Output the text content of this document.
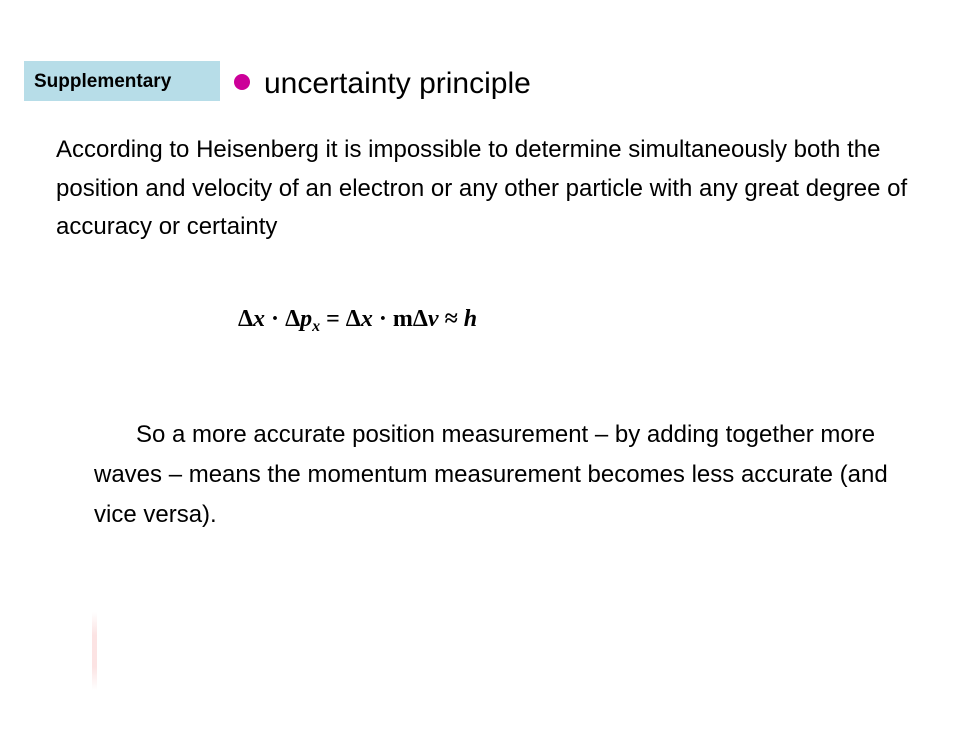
Supplementary	uncertainty principle

According to Heisenberg it is impossible to determine simultaneously both the position and velocity of an electron or any other particle with any great degree of accuracy or certainty

$\Delta x \cdot \Delta p_x = \Delta x \cdot m\Delta v \approx h$

So a more accurate position measurement – by adding together more waves – means the momentum measurement becomes less accurate (and vice versa).
